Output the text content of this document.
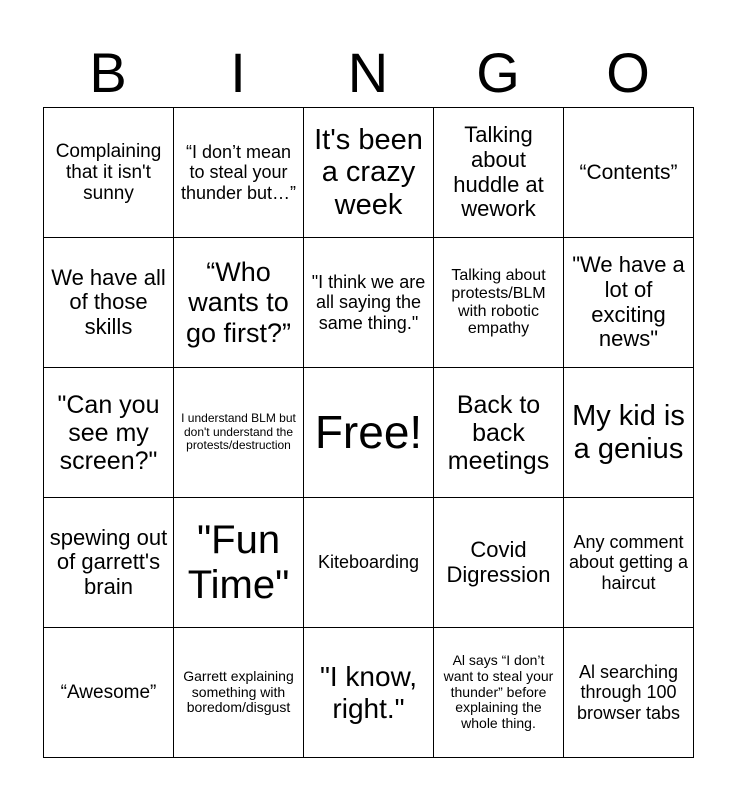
B	I	N	G	O
Complaining that it isn't sunny	“I don’t mean to steal your thunder but…”	It's been a crazy week	Talking about huddle at wework	“Contents”

We have all of those skills	“Who wants to go first?”	"I think we are all saying the same thing."	Talking about protests/BLM with robotic empathy	"We have a lot of exciting news"

"Can you see my screen?"	I understand BLM but don't understand the protests/destruction	Free!	Back to back meetings	My kid is a genius

spewing out of garrett's brain	"Fun Time"	Kiteboarding	Covid Digression	Any comment about getting a haircut

“Awesome”	Garrett explaining something with boredom/disgust	"I know, right."	Al says “I don’t want to steal your thunder” before explaining the whole thing.	Al searching through 100 browser tabs
